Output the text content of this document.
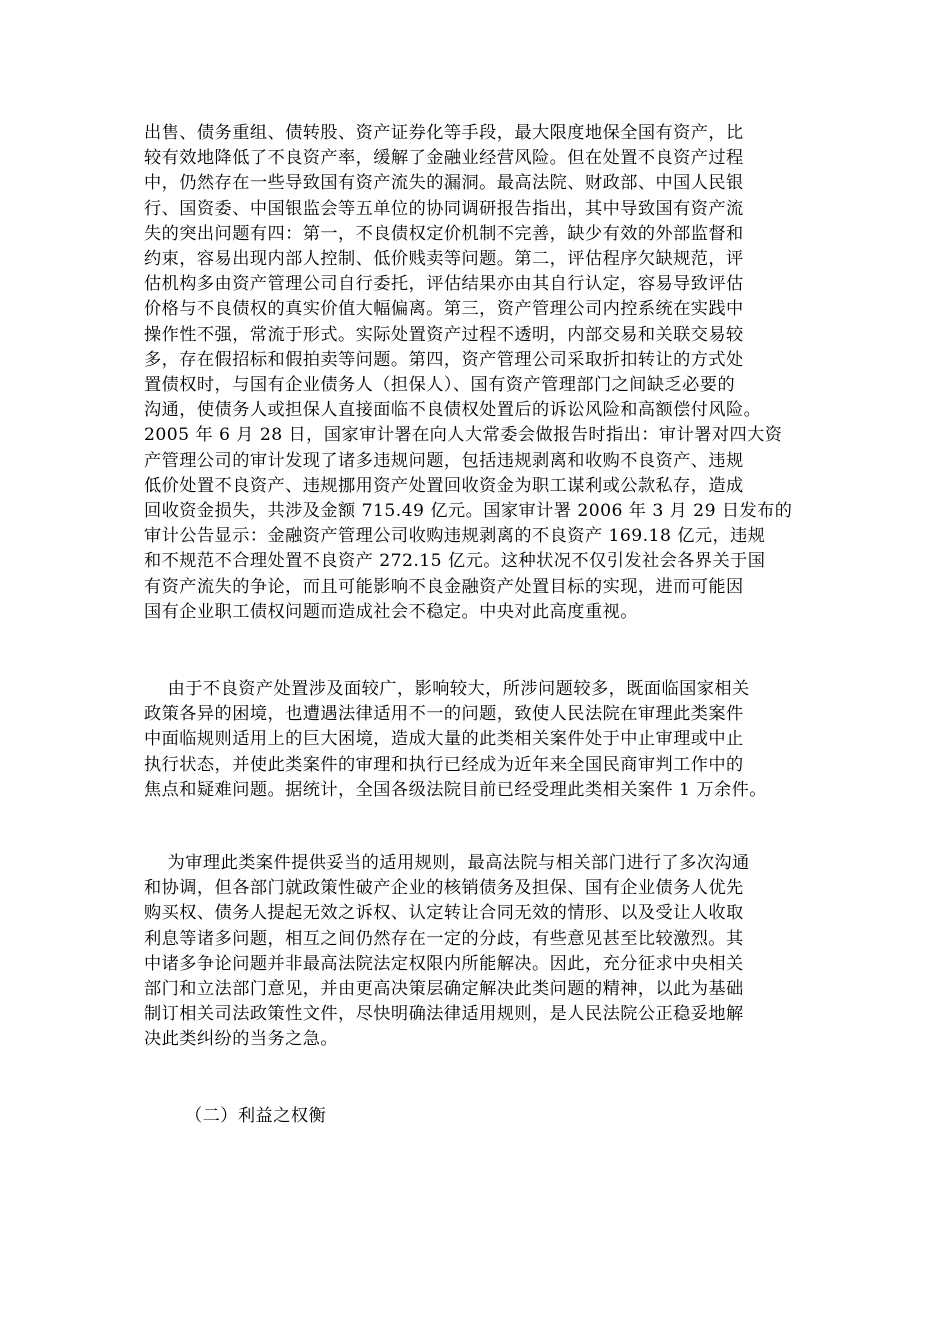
出售、债务重组、债转股、资产证券化等手段，最大限度地保全国有资产，比
较有效地降低了不良资产率，缓解了金融业经营风险。但在处置不良资产过程
中，仍然存在一些导致国有资产流失的漏洞。最高法院、财政部、中国人民银
行、国资委、中国银监会等五单位的协同调研报告指出，其中导致国有资产流
失的突出问题有四：第一，不良债权定价机制不完善，缺少有效的外部监督和
约束，容易出现内部人控制、低价贱卖等问题。第二，评估程序欠缺规范，评
估机构多由资产管理公司自行委托，评估结果亦由其自行认定，容易导致评估
价格与不良债权的真实价值大幅偏离。第三，资产管理公司内控系统在实践中
操作性不强，常流于形式。实际处置资产过程不透明，内部交易和关联交易较
多，存在假招标和假拍卖等问题。第四，资产管理公司采取折扣转让的方式处
置债权时，与国有企业债务人（担保人）、国有资产管理部门之间缺乏必要的
沟通，使债务人或担保人直接面临不良债权处置后的诉讼风险和高额偿付风险。
2005 年 6 月 28 日，国家审计署在向人大常委会做报告时指出：审计署对四大资
产管理公司的审计发现了诸多违规问题，包括违规剥离和收购不良资产、违规
低价处置不良资产、违规挪用资产处置回收资金为职工谋利或公款私存，造成
回收资金损失，共涉及金额 715.49 亿元。国家审计署 2006 年 3 月 29 日发布的
审计公告显示：金融资产管理公司收购违规剥离的不良资产 169.18 亿元，违规
和不规范不合理处置不良资产 272.15 亿元。这种状况不仅引发社会各界关于国
有资产流失的争论，而且可能影响不良金融资产处置目标的实现，进而可能因
国有企业职工债权问题而造成社会不稳定。中央对此高度重视。
由于不良资产处置涉及面较广，影响较大，所涉问题较多，既面临国家相关
政策各异的困境，也遭遇法律适用不一的问题，致使人民法院在审理此类案件
中面临规则适用上的巨大困境，造成大量的此类相关案件处于中止审理或中止
执行状态，并使此类案件的审理和执行已经成为近年来全国民商审判工作中的
焦点和疑难问题。据统计，全国各级法院目前已经受理此类相关案件 1 万余件。
为审理此类案件提供妥当的适用规则，最高法院与相关部门进行了多次沟通
和协调，但各部门就政策性破产企业的核销债务及担保、国有企业债务人优先
购买权、债务人提起无效之诉权、认定转让合同无效的情形、以及受让人收取
利息等诸多问题，相互之间仍然存在一定的分歧，有些意见甚至比较激烈。其
中诸多争论问题并非最高法院法定权限内所能解决。因此，充分征求中央相关
部门和立法部门意见，并由更高决策层确定解决此类问题的精神，以此为基础
制订相关司法政策性文件，尽快明确法律适用规则，是人民法院公正稳妥地解
决此类纠纷的当务之急。
（二）利益之权衡
